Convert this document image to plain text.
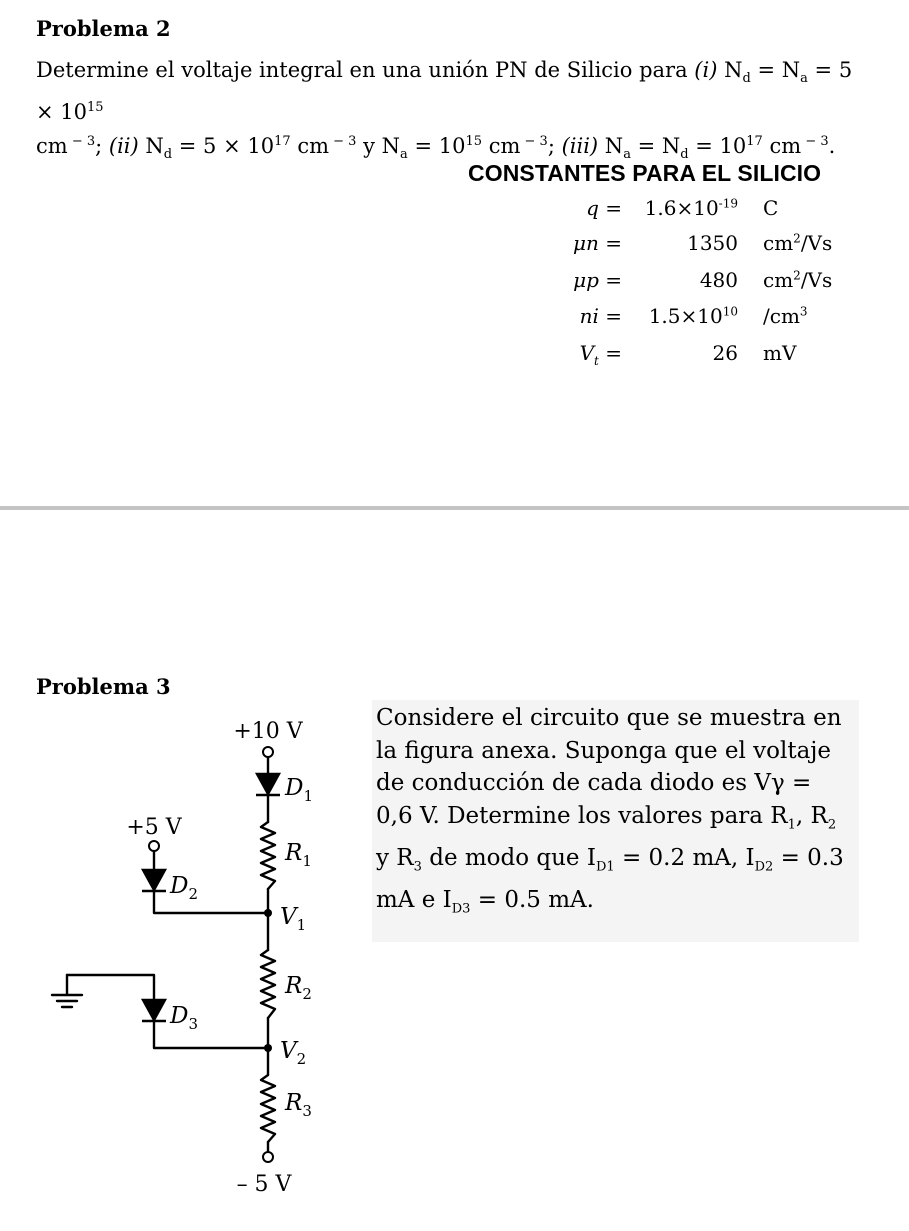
Problema 2
Determine el voltaje integral en una unión PN de Silicio para (i) $N_d = N_a = 5 \times 10^{15}$
cm $^{- 3}$; (ii) $N_d = 5 \times 10^{17}$ cm $^{- 3}$ y $N_a = 10^{15}$ cm $^{- 3}$; (iii) $N_a = N_d = 10^{17}$ cm $^{- 3}$.
CONSTANTES PARA EL SILICIO
$q = 1.6\times 10^{-19}$ C
μn =	1350 $cm^2/Vs$
μp =	480 $cm^2/Vs$
ni = $1.5\times 10^{10}$ $/cm^3$
$V_t$ =	26 mV
Problema 3
Considere el circuito que se muestra en la figura anexa. Suponga que el voltaje de conducción de cada diodo es Vγ = 0,6 V. Determine los valores para $R_1$, $R_2$ y $R_3$ de modo que $I_{D1} = 0.2$ mA, $I_{D2} = 0.3$ mA e $I_{D3} = 0.5$ mA.
+10 V
+5 V
– 5 V
$D_1$
$R_1$
$D_2$
$V_1$
$R_2$
$D_3$
$V_2$
$R_3$
